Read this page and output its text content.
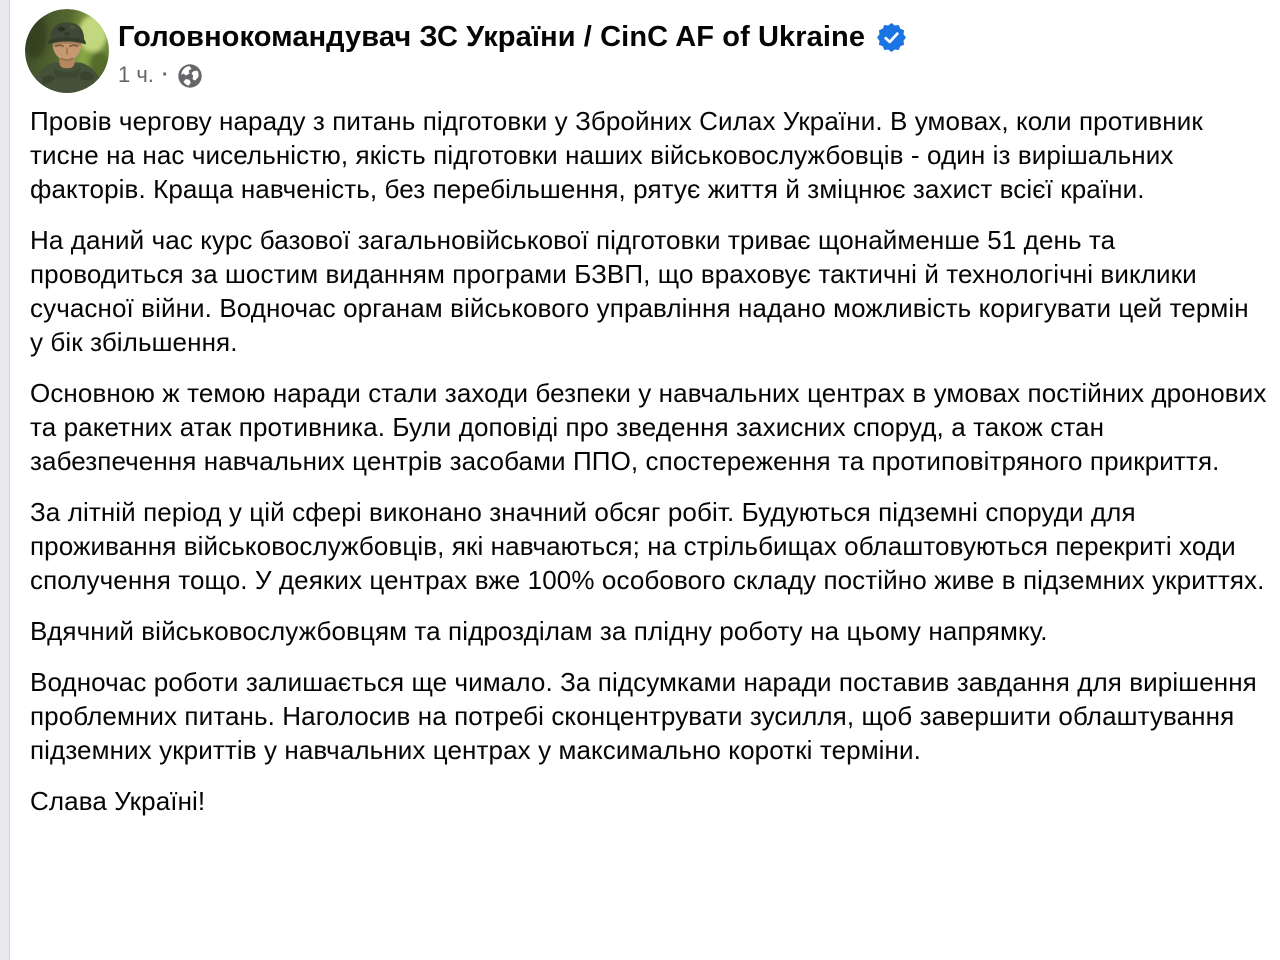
Головнокомандувач ЗС України / CinC AF of Ukraine
1 ч. ·

Провів чергову нараду з питань підготовки у Збройних Силах України. В умовах, коли противник тисне на нас чисельністю, якість підготовки наших військовослужбовців - один із вирішальних факторів. Краща навченість, без перебільшення, рятує життя й зміцнює захист всієї країни.

На даний час курс базової загальновійськової підготовки триває щонайменше 51 день та проводиться за шостим виданням програми БЗВП, що враховує тактичні й технологічні виклики сучасної війни. Водночас органам військового управління надано можливість коригувати цей термін у бік збільшення.

Основною ж темою наради стали заходи безпеки у навчальних центрах в умовах постійних дронових та ракетних атак противника. Були доповіді про зведення захисних споруд, а також стан забезпечення навчальних центрів засобами ППО, спостереження та протиповітряного прикриття.

За літній період у цій сфері виконано значний обсяг робіт. Будуються підземні споруди для проживання військовослужбовців, які навчаються; на стрільбищах облаштовуються перекриті ходи сполучення тощо. У деяких центрах вже 100% особового складу постійно живе в підземних укриттях.

Вдячний військовослужбовцям та підрозділам за плідну роботу на цьому напрямку.

Водночас роботи залишається ще чимало. За підсумками наради поставив завдання для вирішення проблемних питань. Наголосив на потребі сконцентрувати зусилля, щоб завершити облаштування підземних укриттів у навчальних центрах у максимально короткі терміни.

Слава Україні!
